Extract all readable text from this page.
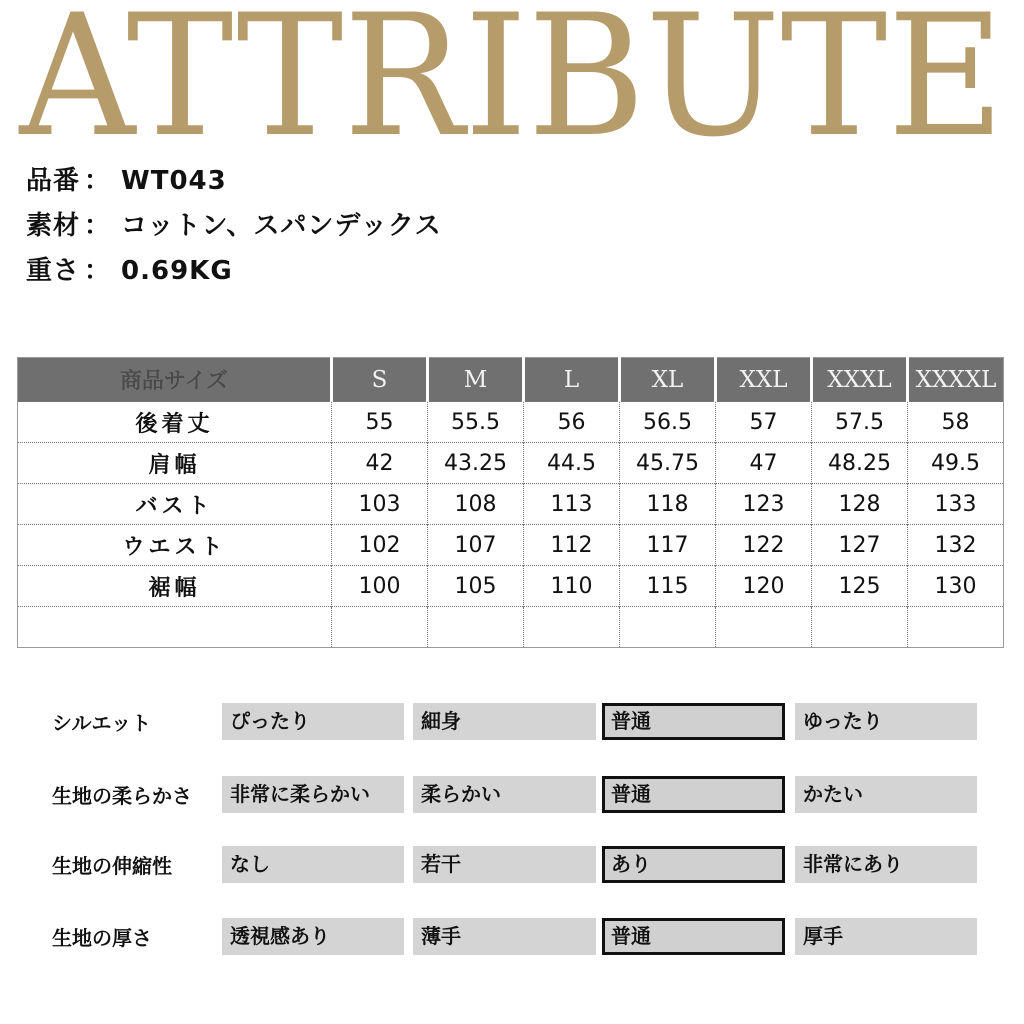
ATTRIBUTE
品番 ： WT043
素材 ： コットン、スパンデックス
重さ ： 0.69KG
商品サイズ	S	M	L	XL	XXL	XXXL	XXXXL
後着丈	55	55.5	56	56.5	57	57.5	58
肩幅	42	43.25	44.5	45.75	47	48.25	49.5
バスト	103	108	113	118	123	128	133
ウエスト	102	107	112	117	122	127	132
裾幅	100	105	110	115	120	125	130

シルエット	ぴったり	細身	普通	ゆったり
生地の柔らかさ	非常に柔らかい	柔らかい	普通	かたい
生地の伸縮性	なし	若干	あり	非常にあり
生地の厚さ	透視感あり	薄手	普通	厚手
